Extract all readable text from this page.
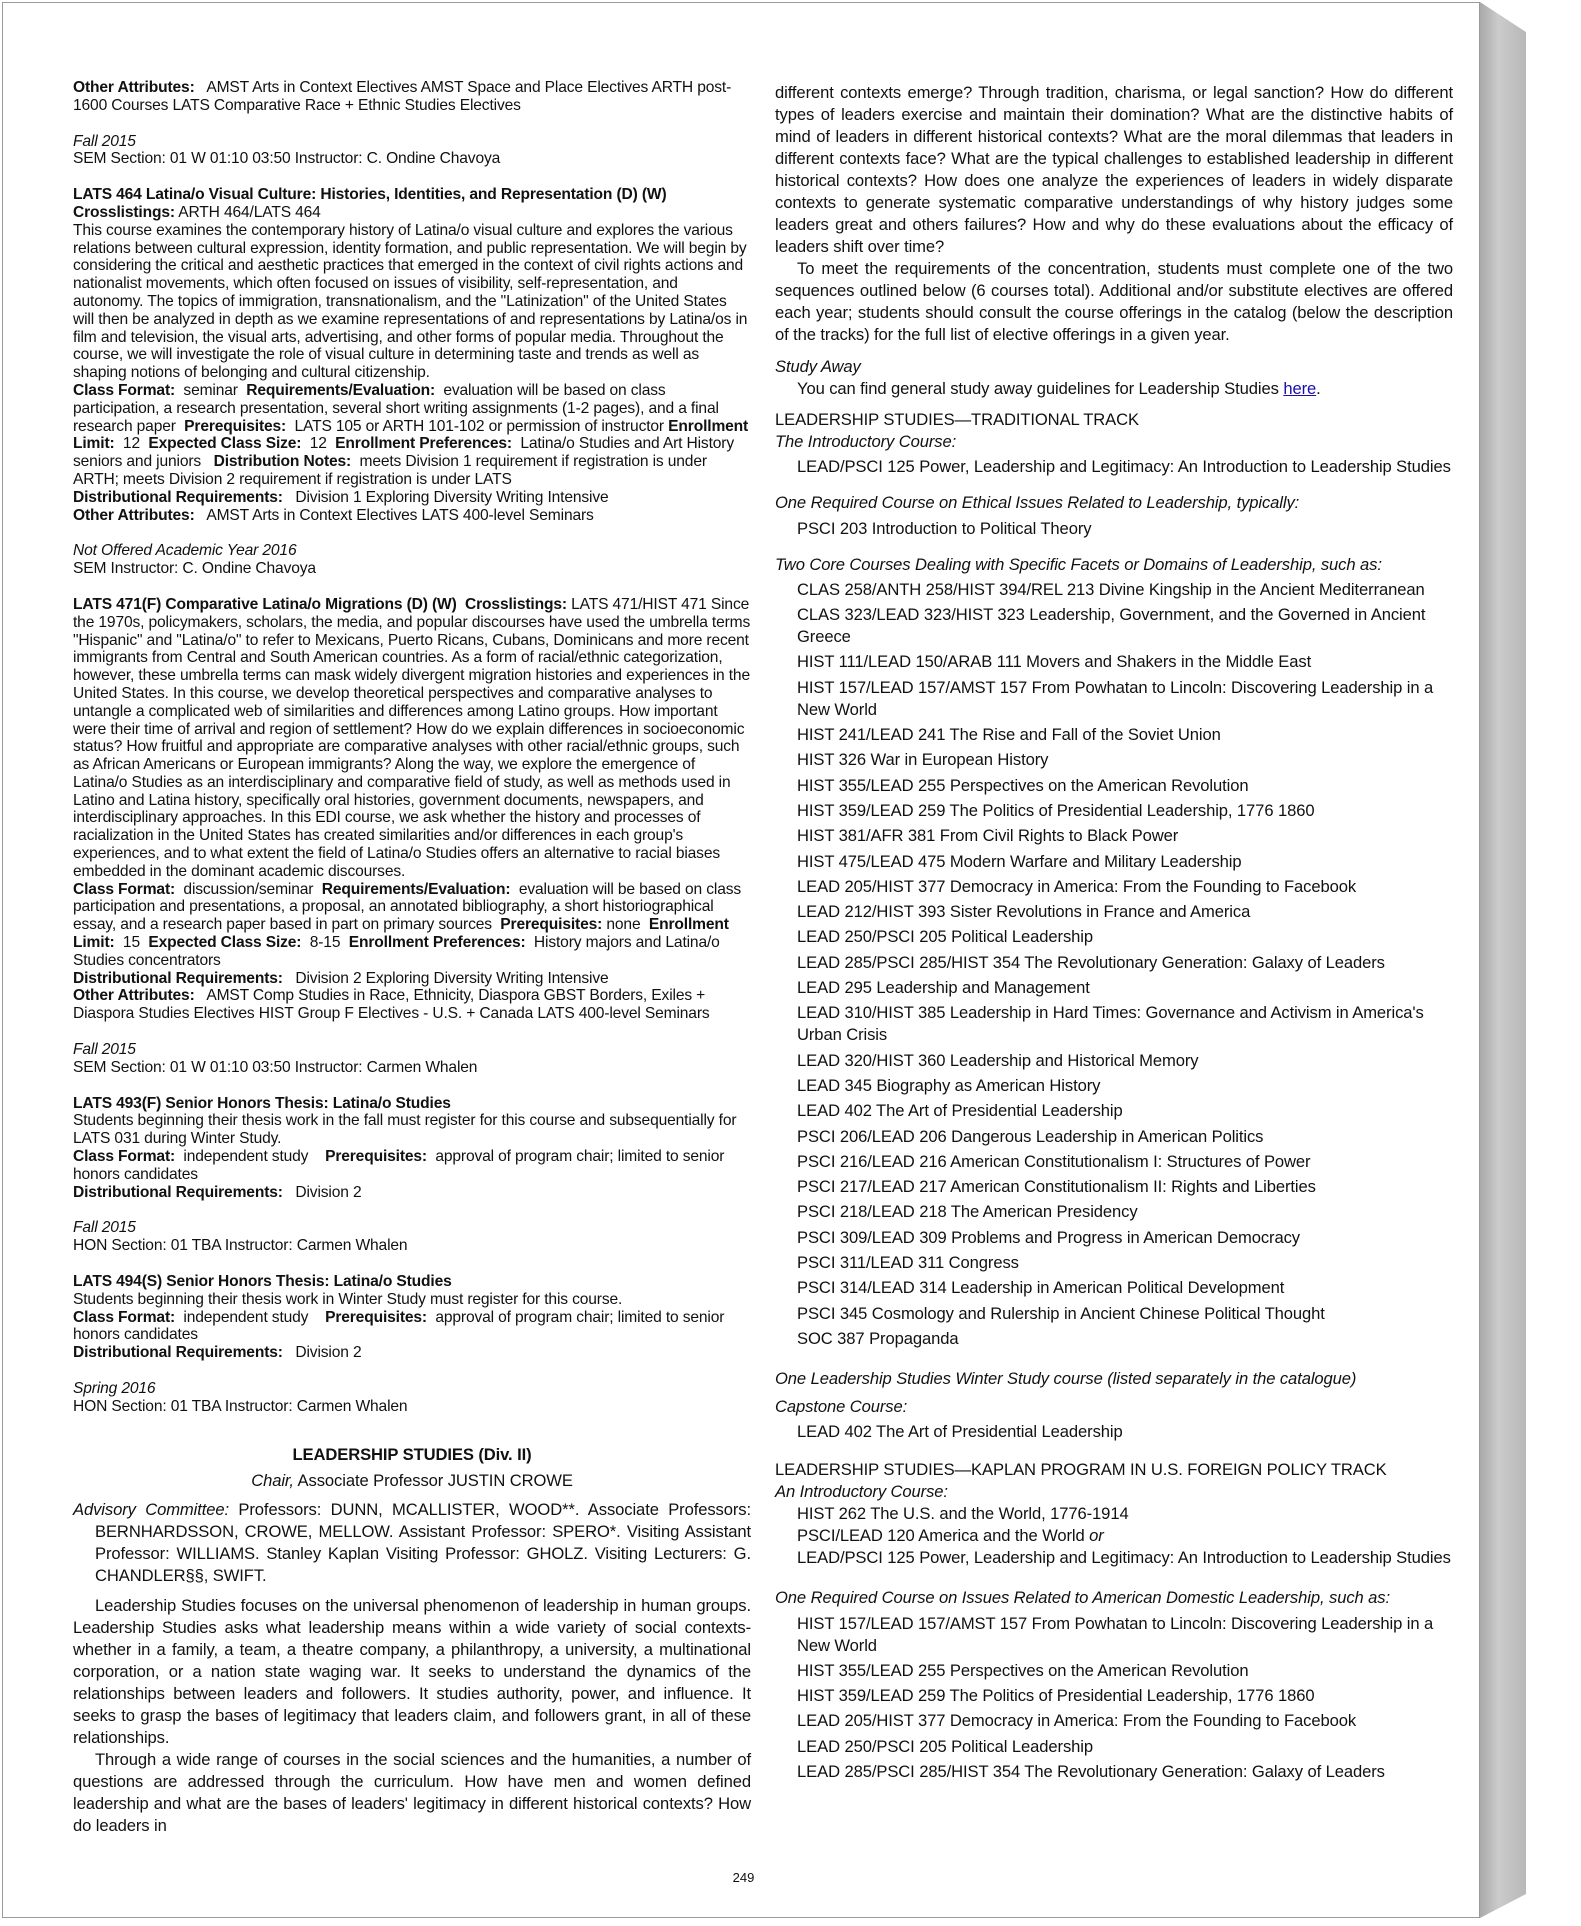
Other Attributes: AMST Arts in Context Electives AMST Space and Place Electives ARTH post-1600 Courses LATS Comparative Race + Ethnic Studies Electives

Fall 2015

SEM Section: 01 W 01:10 03:50 Instructor: C. Ondine Chavoya

LATS 464 Latina/o Visual Culture: Histories, Identities, and Representation (D) (W)

Crosslistings: ARTH 464/LATS 464

This course examines the contemporary history of Latina/o visual culture and explores the various relations between cultural expression, identity formation, and public representation. We will begin by considering the critical and aesthetic practices that emerged in the context of civil rights actions and nationalist movements, which often focused on issues of visibility, self-representation, and autonomy. The topics of immigration, transnationalism, and the "Latinization" of the United States will then be analyzed in depth as we examine representations of and representations by Latina/os in film and television, the visual arts, advertising, and other forms of popular media. Throughout the course, we will investigate the role of visual culture in determining taste and trends as well as shaping notions of belonging and cultural citizenship.

Class Format: seminar Requirements/Evaluation: evaluation will be based on class participation, a research presentation, several short writing assignments (1-2 pages), and a final research paper Prerequisites: LATS 105 or ARTH 101-102 or permission of instructor Enrollment Limit: 12 Expected Class Size: 12 Enrollment Preferences: Latina/o Studies and Art History seniors and juniors Distribution Notes: meets Division 1 requirement if registration is under ARTH; meets Division 2 requirement if registration is under LATS

Distributional Requirements: Division 1 Exploring Diversity Writing Intensive

Other Attributes: AMST Arts in Context Electives LATS 400-level Seminars

Not Offered Academic Year 2016

SEM Instructor: C. Ondine Chavoya

LATS 471(F) Comparative Latina/o Migrations (D) (W) Crosslistings: LATS 471/HIST 471 Since the 1970s, policymakers, scholars, the media, and popular discourses have used the umbrella terms "Hispanic" and "Latina/o" to refer to Mexicans, Puerto Ricans, Cubans, Dominicans and more recent immigrants from Central and South American countries. As a form of racial/ethnic categorization, however, these umbrella terms can mask widely divergent migration histories and experiences in the United States. In this course, we develop theoretical perspectives and comparative analyses to untangle a complicated web of similarities and differences among Latino groups. How important were their time of arrival and region of settlement? How do we explain differences in socioeconomic status? How fruitful and appropriate are comparative analyses with other racial/ethnic groups, such as African Americans or European immigrants? Along the way, we explore the emergence of Latina/o Studies as an interdisciplinary and comparative field of study, as well as methods used in Latino and Latina history, specifically oral histories, government documents, newspapers, and interdisciplinary approaches. In this EDI course, we ask whether the history and processes of racialization in the United States has created similarities and/or differences in each group's experiences, and to what extent the field of Latina/o Studies offers an alternative to racial biases embedded in the dominant academic discourses.

Class Format: discussion/seminar Requirements/Evaluation: evaluation will be based on class participation and presentations, a proposal, an annotated bibliography, a short historiographical essay, and a research paper based in part on primary sources Prerequisites: none Enrollment Limit: 15 Expected Class Size: 8-15 Enrollment Preferences: History majors and Latina/o Studies concentrators

Distributional Requirements: Division 2 Exploring Diversity Writing Intensive

Other Attributes: AMST Comp Studies in Race, Ethnicity, Diaspora GBST Borders, Exiles + Diaspora Studies Electives HIST Group F Electives - U.S. + Canada LATS 400-level Seminars

Fall 2015

SEM Section: 01 W 01:10 03:50 Instructor: Carmen Whalen

LATS 493(F) Senior Honors Thesis: Latina/o Studies

Students beginning their thesis work in the fall must register for this course and subsequentially for LATS 031 during Winter Study.

Class Format: independent study Prerequisites: approval of program chair; limited to senior honors candidates

Distributional Requirements: Division 2

Fall 2015

HON Section: 01 TBA Instructor: Carmen Whalen

LATS 494(S) Senior Honors Thesis: Latina/o Studies

Students beginning their thesis work in Winter Study must register for this course.

Class Format: independent study Prerequisites: approval of program chair; limited to senior honors candidates

Distributional Requirements: Division 2

Spring 2016

HON Section: 01 TBA Instructor: Carmen Whalen

LEADERSHIP STUDIES (Div. II)

Chair, Associate Professor JUSTIN CROWE

Advisory Committee: Professors: DUNN, MCALLISTER, WOOD**. Associate Professors: BERNHARDSSON, CROWE, MELLOW. Assistant Professor: SPERO*. Visiting Assistant Professor: WILLIAMS. Stanley Kaplan Visiting Professor: GHOLZ. Visiting Lecturers: G. CHANDLER§§, SWIFT.

Leadership Studies focuses on the universal phenomenon of leadership in human groups. Leadership Studies asks what leadership means within a wide variety of social contexts-whether in a family, a team, a theatre company, a philanthropy, a university, a multinational corporation, or a nation state waging war. It seeks to understand the dynamics of the relationships between leaders and followers. It studies authority, power, and influence. It seeks to grasp the bases of legitimacy that leaders claim, and followers grant, in all of these relationships.

Through a wide range of courses in the social sciences and the humanities, a number of questions are addressed through the curriculum. How have men and women defined leadership and what are the bases of leaders' legitimacy in different historical contexts? How do leaders in

different contexts emerge? Through tradition, charisma, or legal sanction? How do different types of leaders exercise and maintain their domination? What are the distinctive habits of mind of leaders in different historical contexts? What are the moral dilemmas that leaders in different contexts face? What are the typical challenges to established leadership in different historical contexts? How does one analyze the experiences of leaders in widely disparate contexts to generate systematic comparative understandings of why history judges some leaders great and others failures? How and why do these evaluations about the efficacy of leaders shift over time?

To meet the requirements of the concentration, students must complete one of the two sequences outlined below (6 courses total). Additional and/or substitute electives are offered each year; students should consult the course offerings in the catalog (below the description of the tracks) for the full list of elective offerings in a given year.

Study Away

You can find general study away guidelines for Leadership Studies here.

LEADERSHIP STUDIES—TRADITIONAL TRACK

The Introductory Course:

LEAD/PSCI 125 Power, Leadership and Legitimacy: An Introduction to Leadership Studies

One Required Course on Ethical Issues Related to Leadership, typically:

PSCI 203 Introduction to Political Theory

Two Core Courses Dealing with Specific Facets or Domains of Leadership, such as:

CLAS 258/ANTH 258/HIST 394/REL 213 Divine Kingship in the Ancient Mediterranean
CLAS 323/LEAD 323/HIST 323 Leadership, Government, and the Governed in Ancient Greece
HIST 111/LEAD 150/ARAB 111 Movers and Shakers in the Middle East
HIST 157/LEAD 157/AMST 157 From Powhatan to Lincoln: Discovering Leadership in a New World
HIST 241/LEAD 241 The Rise and Fall of the Soviet Union
HIST 326 War in European History
HIST 355/LEAD 255 Perspectives on the American Revolution
HIST 359/LEAD 259 The Politics of Presidential Leadership, 1776 1860
HIST 381/AFR 381 From Civil Rights to Black Power
HIST 475/LEAD 475 Modern Warfare and Military Leadership
LEAD 205/HIST 377 Democracy in America: From the Founding to Facebook
LEAD 212/HIST 393 Sister Revolutions in France and America
LEAD 250/PSCI 205 Political Leadership
LEAD 285/PSCI 285/HIST 354 The Revolutionary Generation: Galaxy of Leaders
LEAD 295 Leadership and Management
LEAD 310/HIST 385 Leadership in Hard Times: Governance and Activism in America's Urban Crisis
LEAD 320/HIST 360 Leadership and Historical Memory
LEAD 345 Biography as American History
LEAD 402 The Art of Presidential Leadership
PSCI 206/LEAD 206 Dangerous Leadership in American Politics
PSCI 216/LEAD 216 American Constitutionalism I: Structures of Power
PSCI 217/LEAD 217 American Constitutionalism II: Rights and Liberties
PSCI 218/LEAD 218 The American Presidency
PSCI 309/LEAD 309 Problems and Progress in American Democracy
PSCI 311/LEAD 311 Congress
PSCI 314/LEAD 314 Leadership in American Political Development
PSCI 345 Cosmology and Rulership in Ancient Chinese Political Thought
SOC 387 Propaganda

One Leadership Studies Winter Study course (listed separately in the catalogue)

Capstone Course:

LEAD 402 The Art of Presidential Leadership

LEADERSHIP STUDIES—KAPLAN PROGRAM IN U.S. FOREIGN POLICY TRACK

An Introductory Course:

HIST 262 The U.S. and the World, 1776-1914
PSCI/LEAD 120 America and the World or
LEAD/PSCI 125 Power, Leadership and Legitimacy: An Introduction to Leadership Studies

One Required Course on Issues Related to American Domestic Leadership, such as:

HIST 157/LEAD 157/AMST 157 From Powhatan to Lincoln: Discovering Leadership in a New World
HIST 355/LEAD 255 Perspectives on the American Revolution
HIST 359/LEAD 259 The Politics of Presidential Leadership, 1776 1860
LEAD 205/HIST 377 Democracy in America: From the Founding to Facebook
LEAD 250/PSCI 205 Political Leadership
LEAD 285/PSCI 285/HIST 354 The Revolutionary Generation: Galaxy of Leaders
249
